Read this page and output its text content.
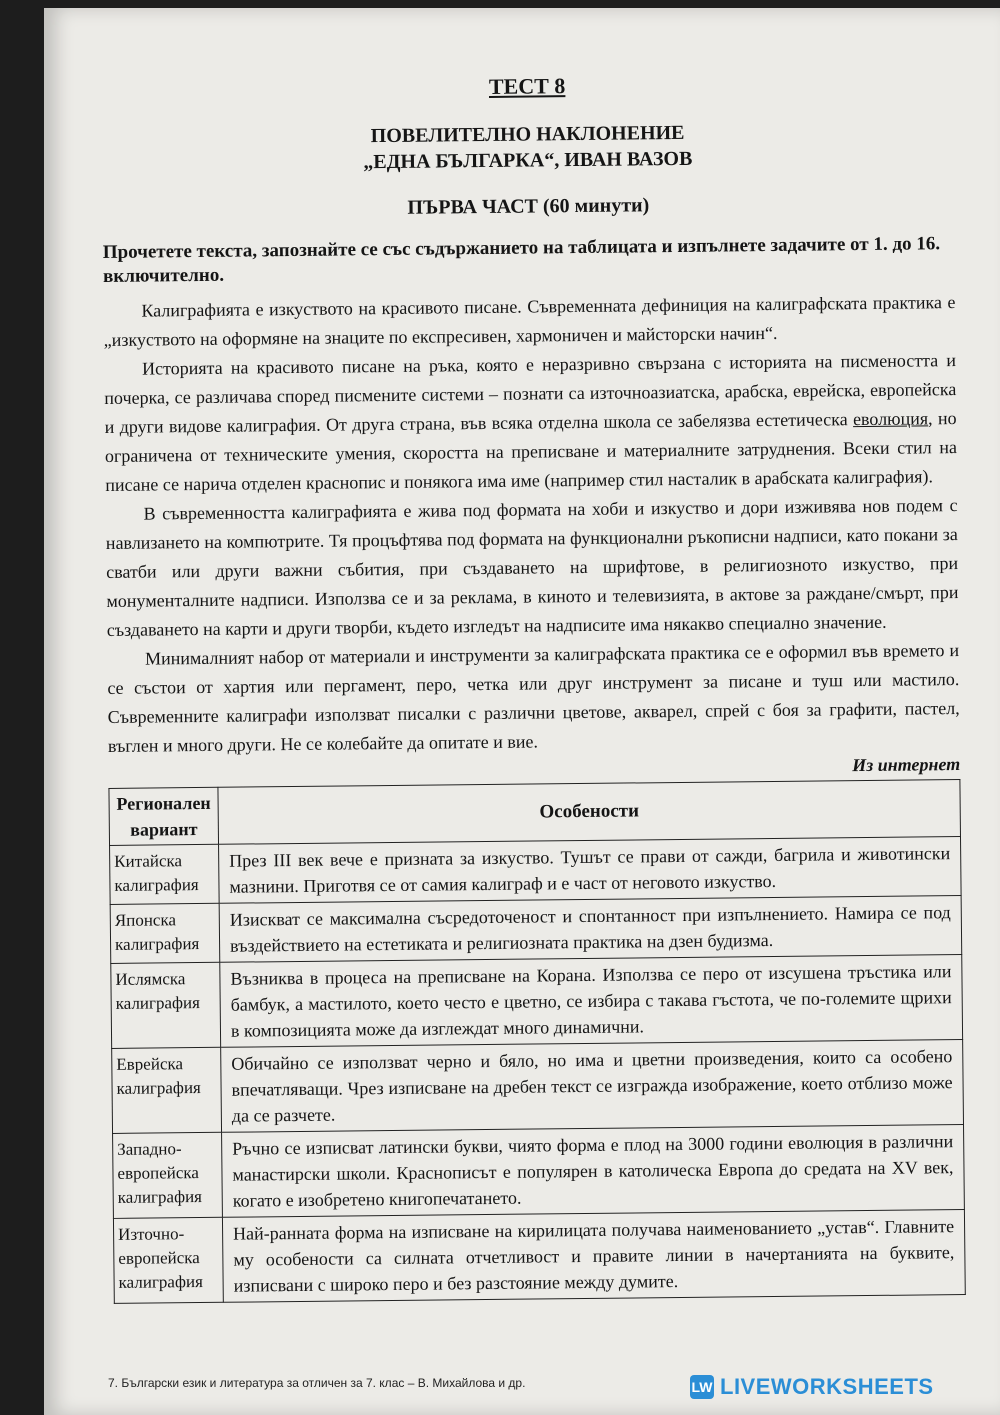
ТЕСТ 8
ПОВЕЛИТЕЛНО НАКЛОНЕНИЕ
„ЕДНА БЪЛГАРКА“, ИВАН ВАЗОВ
ПЪРВА ЧАСТ (60 минути)

Прочетете текста, запознайте се със съдържанието на таблицата и изпълнете задачите от 1. до 16. включително.

Калиграфията е изкуството на красивото писане. Съвременната дефиниция на калиграфската практика е „изкуството на оформяне на знаците по експресивен, хармоничен и майсторски начин“.

Историята на красивото писане на ръка, която е неразривно свързана с историята на писмеността и почерка, се различава според писмените системи – познати са източноазиатска, арабска, еврейска, европейска и други видове калиграфия. От друга страна, във всяка отделна школа се забелязва естетическа еволюция, но ограничена от техническите умения, скоростта на преписване и материалните затруднения. Всеки стил на писане се нарича отделен краснопис и понякога има име (например стил насталик в арабската калиграфия).

В съвременността калиграфията е жива под формата на хоби и изкуство и дори изживява нов подем с навлизането на компютрите. Тя процъфтява под формата на функционални ръкописни надписи, като покани за сватби или други важни събития, при създаването на шрифтове, в религиозното изкуство, при монументалните надписи. Използва се и за реклама, в киното и телевизията, в актове за раждане/смърт, при създаването на карти и други творби, където изгледът на надписите има някакво специално значение.

Минималният набор от материали и инструменти за калиграфската практика се е оформил във времето и се състои от хартия или пергамент, перо, четка или друг инструмент за писане и туш или мастило. Съвременните калиграфи използват писалки с различни цветове, акварел, спрей с боя за графити, пастел, въглен и много други. Не се колебайте да опитате и вие.

Из интернет
Регионален вариант	Особености
Китайска калиграфия	През III век вече е призната за изкуство. Тушът се прави от сажди, багрила и животински мазнини. Приготвя се от самия калиграф и е част от неговото изкуство.
Японска калиграфия	Изискват се максимална съсредоточеност и спонтанност при изпълнението. Намира се под въздействието на естетиката и религиозната практика на дзен будизма.
Ислямска калиграфия	Възниква в процеса на преписване на Корана. Използва се перо от изсушена тръстика или бамбук, а мастилото, което често е цветно, се избира с такава гъстота, че по-големите щрихи в композицията може да изглеждат много динамични.
Еврейска калиграфия	Обичайно се използват черно и бяло, но има и цветни произведения, които са особено впечатляващи. Чрез изписване на дребен текст се изгражда изображение, което отблизо може да се разчете.
Западно-европейска калиграфия	Ръчно се изписват латински букви, чиято форма е плод на 3000 години еволюция в различни манастирски школи. Краснописът е популярен в католическа Европа до средата на XV век, когато е изобретено книгопечатането.
Източно-европейска калиграфия	Най-ранната форма на изписване на кирилицата получава наименованието „устав“. Главните му особености са силната отчетливост и правите линии в начертанията на буквите, изписвани с широко перо и без разстояние между думите.
7. Български език и литература за отличен за 7. клас – В. Михайлова и др.	LW LIVEWORKSHEETS
